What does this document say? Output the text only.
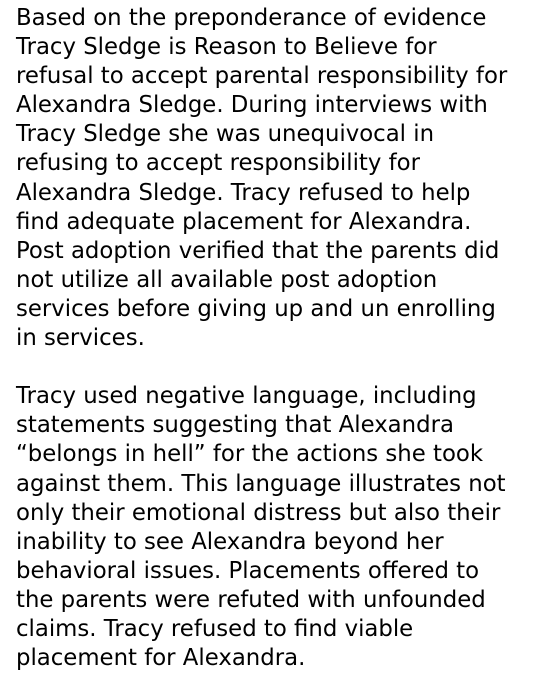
Based on the preponderance of evidence
Tracy Sledge is Reason to Believe for
refusal to accept parental responsibility for
Alexandra Sledge. During interviews with
Tracy Sledge she was unequivocal in
refusing to accept responsibility for
Alexandra Sledge. Tracy refused to help
find adequate placement for Alexandra.
Post adoption verified that the parents did
not utilize all available post adoption
services before giving up and un enrolling
in services.
Tracy used negative language, including
statements suggesting that Alexandra
“belongs in hell” for the actions she took
against them. This language illustrates not
only their emotional distress but also their
inability to see Alexandra beyond her
behavioral issues. Placements offered to
the parents were refuted with unfounded
claims. Tracy refused to find viable
placement for Alexandra.
